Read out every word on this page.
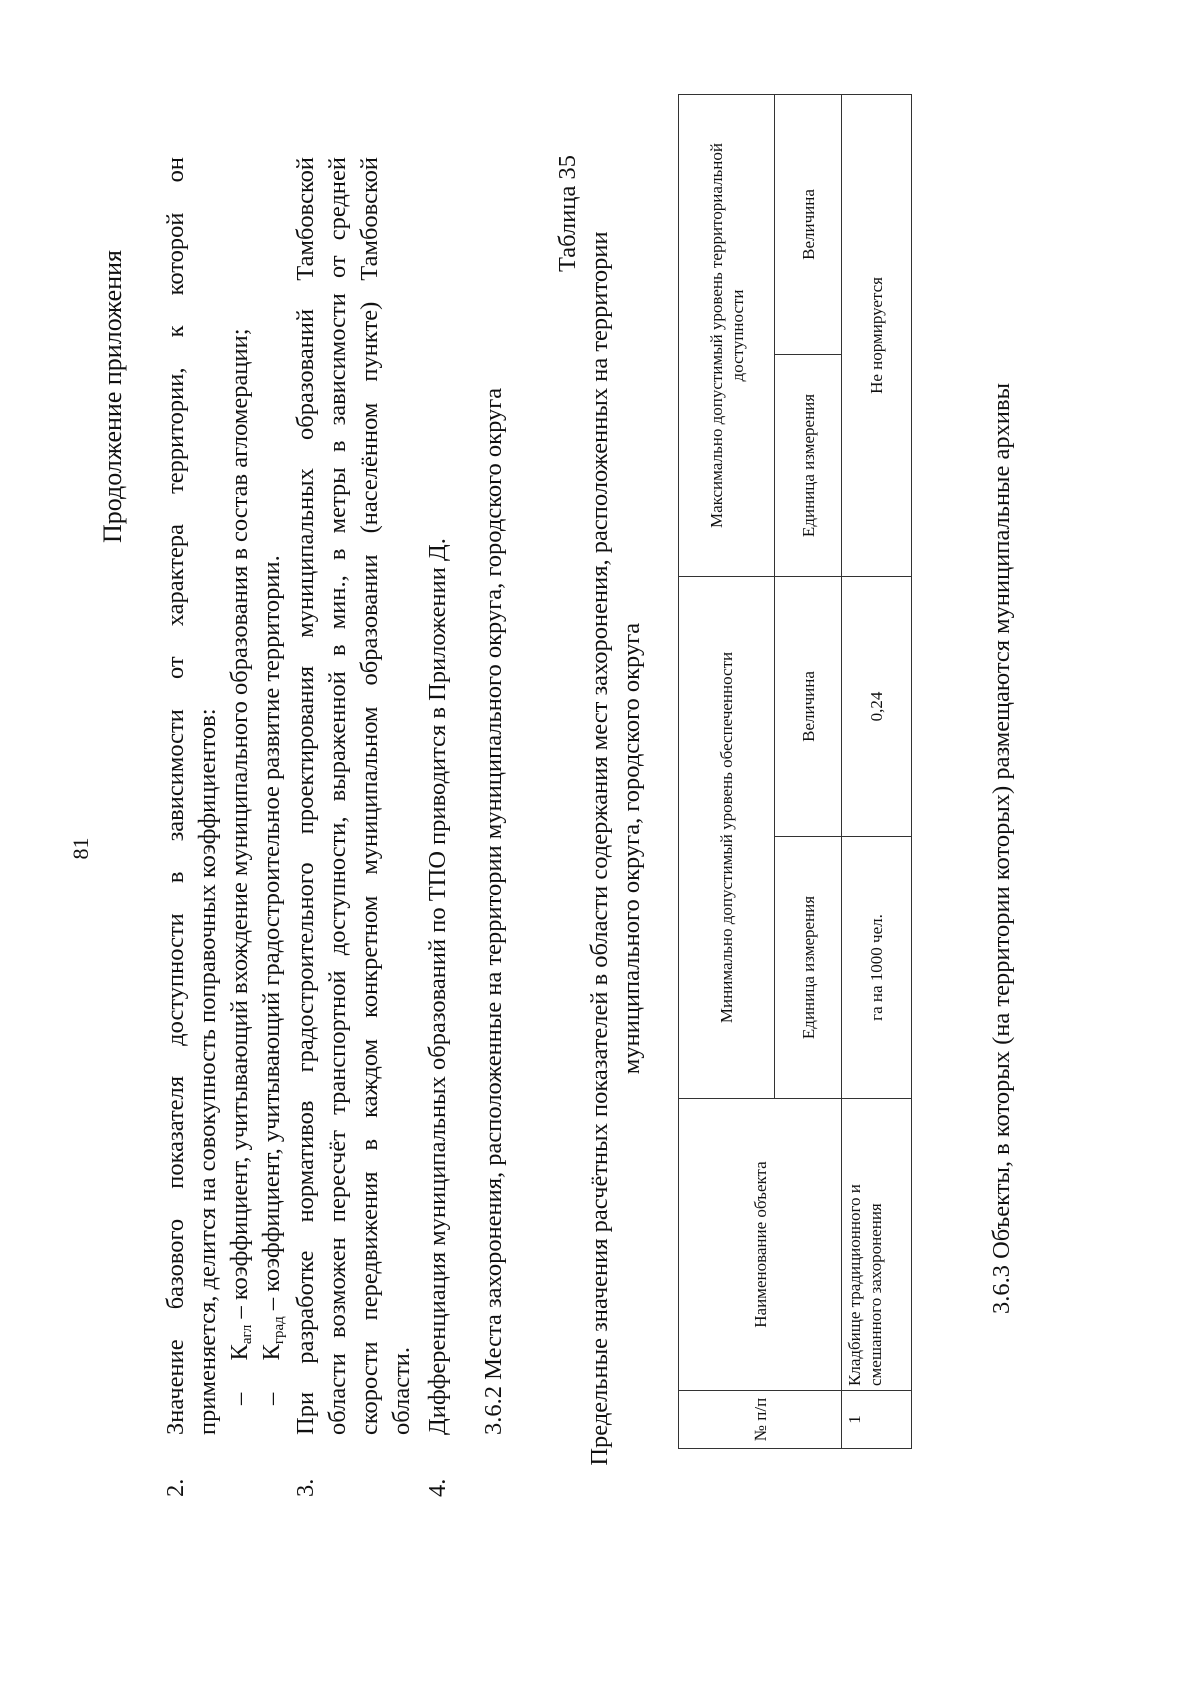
81
Продолжение приложения
2.
Значение базового показателя доступности в зависимости от характера территории, к которой он применяется, делится на совокупность поправочных коэффициентов: –  $К_{агл}$ – коэффициент, учитывающий вхождение муниципального образования в состав агломерации;
–  $К_{град}$ – коэффициент, учитывающий градостроительное развитие территории.
3.
При разработке нормативов градостроительного проектирования муниципальных образований Тамбовской области возможен пересчёт транспортной доступности, выраженной в мин., в метры в зависимости от средней скорости передвижения в каждом конкретном муниципальном образовании (населённом пункте) Тамбовской области.
4.
Дифференциация муниципальных образований по ТПО приводится в Приложении Д. 3.6.2 Места захоронения, расположенные на территории муниципального округа, городского округа
Таблица 35
Предельные значения расчётных показателей в области содержания мест захоронения, расположенных на территории муниципального округа, городского округа
№ п/п	Наименование объекта	Минимально допустимый уровень обеспеченности		Максимально допустимый уровень территориальной доступности	
		Единица измерения	Величина	Единица измерения	Величина
1	Кладбище традиционного и смешанного захоронения	га на 1000 чел.	0,24	Не нормируется	
3.6.3 Объекты, в которых (на территории которых) размещаются муниципальные архивы
